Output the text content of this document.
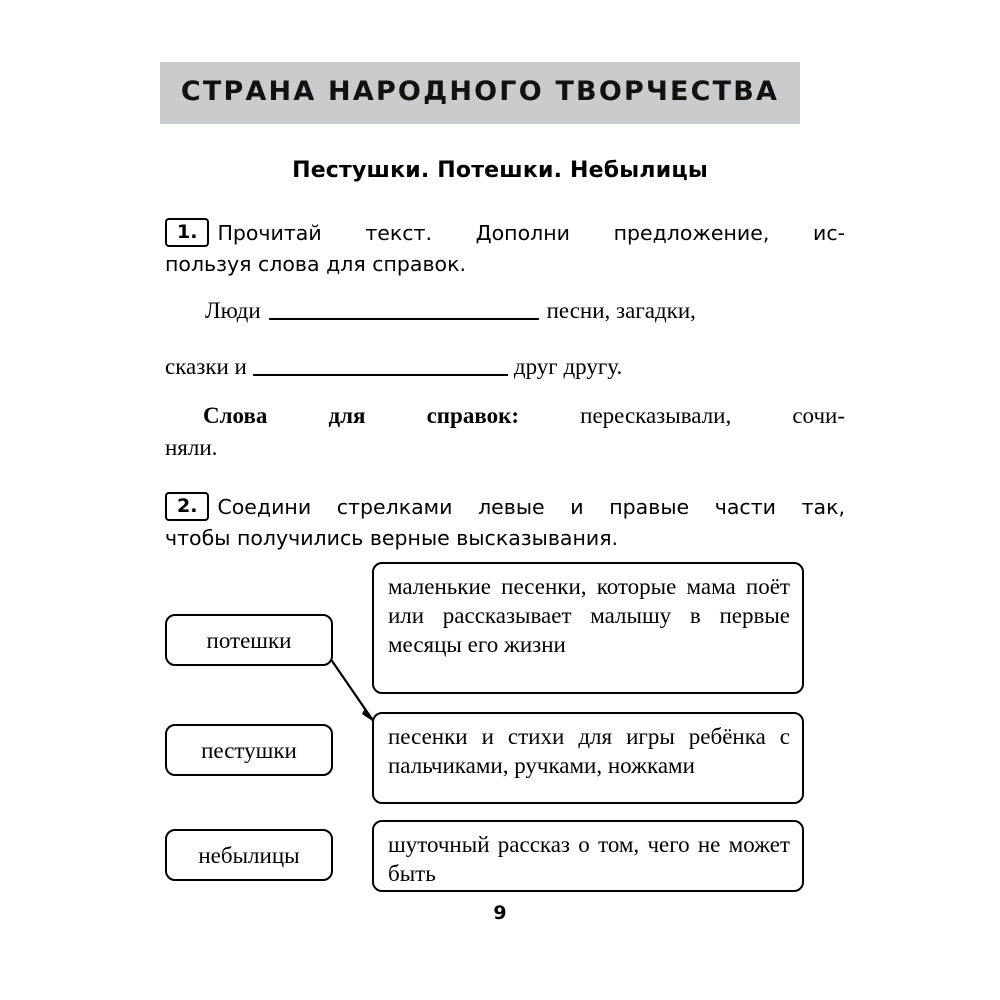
СТРАНА НАРОДНОГО ТВОРЧЕСТВА
Пестушки. Потешки. Небылицы
1. Прочитай текст. Дополни предложение, ис-
пользуя слова для справок.
Люди	песни, загадки,
сказки и	друг другу.
Слова для справок:	пересказывали, сочи-
няли.
2. Соедини стрелками левые и правые части так,
чтобы получились верные высказывания.
потешки
пестушки
небылицы
маленькие песенки, которые мама поёт или рассказывает малышу в первые месяцы его жизни
песенки и стихи для игры ребёнка с пальчиками, ручками, ножками
шуточный рассказ о том, чего не может быть
9
